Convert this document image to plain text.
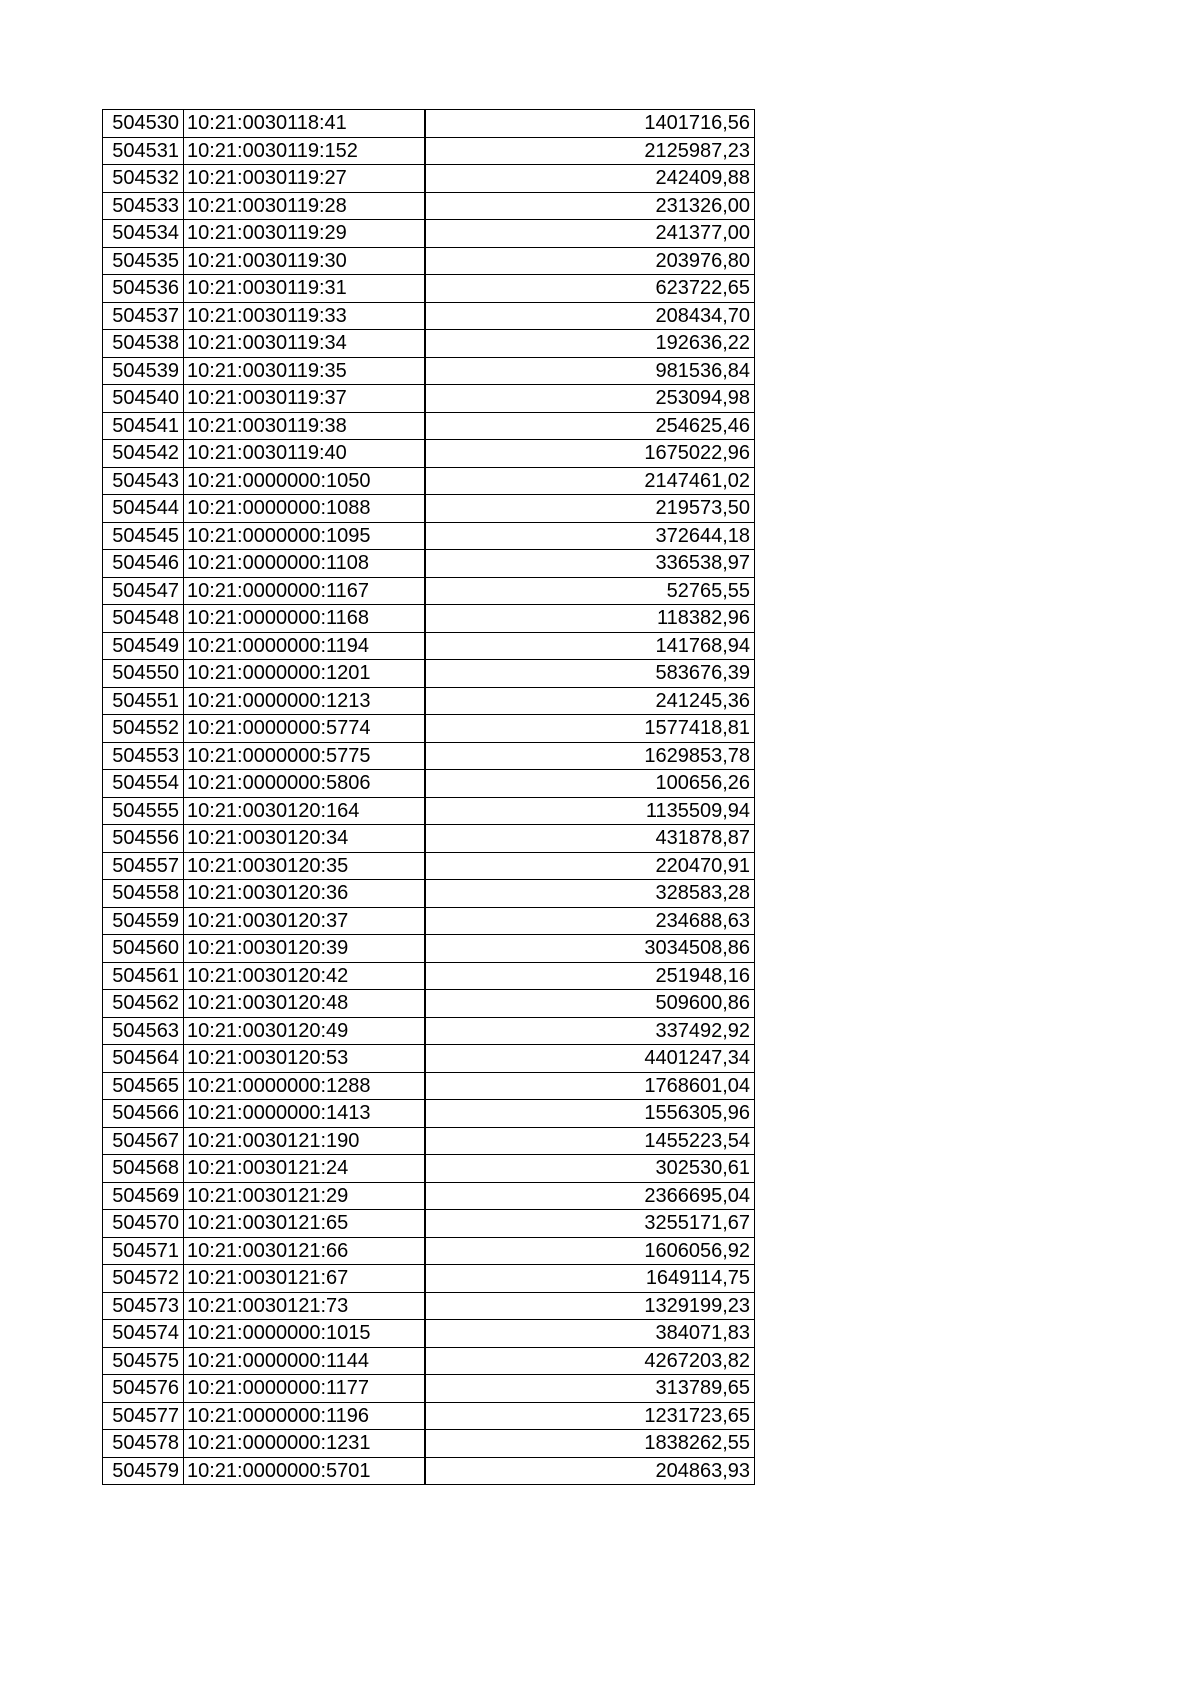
504530	10:21:0030118:41	1401716,56
504531	10:21:0030119:152	2125987,23
504532	10:21:0030119:27	242409,88
504533	10:21:0030119:28	231326,00
504534	10:21:0030119:29	241377,00
504535	10:21:0030119:30	203976,80
504536	10:21:0030119:31	623722,65
504537	10:21:0030119:33	208434,70
504538	10:21:0030119:34	192636,22
504539	10:21:0030119:35	981536,84
504540	10:21:0030119:37	253094,98
504541	10:21:0030119:38	254625,46
504542	10:21:0030119:40	1675022,96
504543	10:21:0000000:1050	2147461,02
504544	10:21:0000000:1088	219573,50
504545	10:21:0000000:1095	372644,18
504546	10:21:0000000:1108	336538,97
504547	10:21:0000000:1167	52765,55
504548	10:21:0000000:1168	118382,96
504549	10:21:0000000:1194	141768,94
504550	10:21:0000000:1201	583676,39
504551	10:21:0000000:1213	241245,36
504552	10:21:0000000:5774	1577418,81
504553	10:21:0000000:5775	1629853,78
504554	10:21:0000000:5806	100656,26
504555	10:21:0030120:164	1135509,94
504556	10:21:0030120:34	431878,87
504557	10:21:0030120:35	220470,91
504558	10:21:0030120:36	328583,28
504559	10:21:0030120:37	234688,63
504560	10:21:0030120:39	3034508,86
504561	10:21:0030120:42	251948,16
504562	10:21:0030120:48	509600,86
504563	10:21:0030120:49	337492,92
504564	10:21:0030120:53	4401247,34
504565	10:21:0000000:1288	1768601,04
504566	10:21:0000000:1413	1556305,96
504567	10:21:0030121:190	1455223,54
504568	10:21:0030121:24	302530,61
504569	10:21:0030121:29	2366695,04
504570	10:21:0030121:65	3255171,67
504571	10:21:0030121:66	1606056,92
504572	10:21:0030121:67	1649114,75
504573	10:21:0030121:73	1329199,23
504574	10:21:0000000:1015	384071,83
504575	10:21:0000000:1144	4267203,82
504576	10:21:0000000:1177	313789,65
504577	10:21:0000000:1196	1231723,65
504578	10:21:0000000:1231	1838262,55
504579	10:21:0000000:5701	204863,93
